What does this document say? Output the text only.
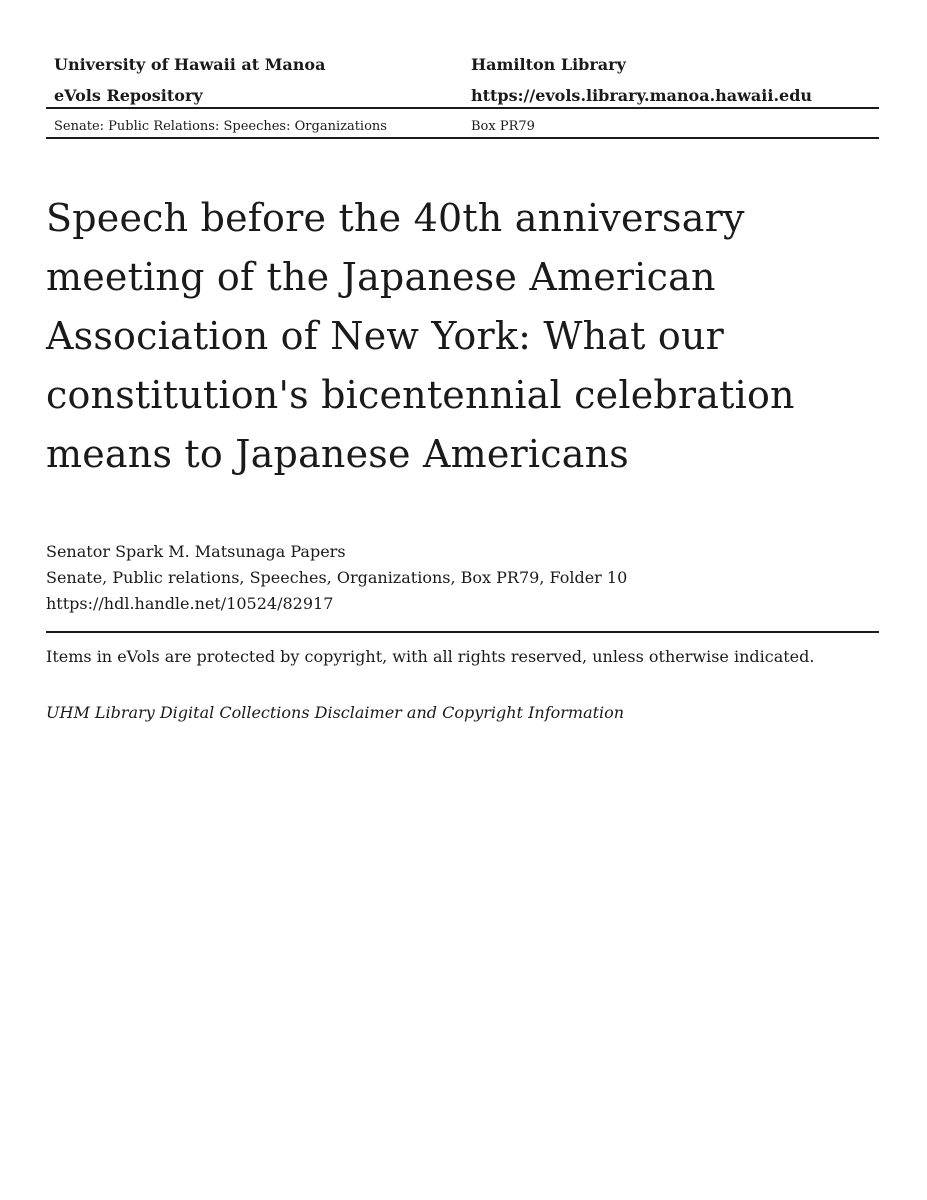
University of Hawaii at Manoa	Hamilton Library
eVols Repository	https://evols.library.manoa.hawaii.edu
Senate: Public Relations: Speeches: Organizations	Box PR79
Speech before the 40th anniversary meeting of the Japanese American Association of New York: What our constitution's bicentennial celebration means to Japanese Americans
Senator Spark M. Matsunaga Papers
Senate, Public relations, Speeches, Organizations, Box PR79, Folder 10
https://hdl.handle.net/10524/82917
Items in eVols are protected by copyright, with all rights reserved, unless otherwise indicated.
UHM Library Digital Collections Disclaimer and Copyright Information
